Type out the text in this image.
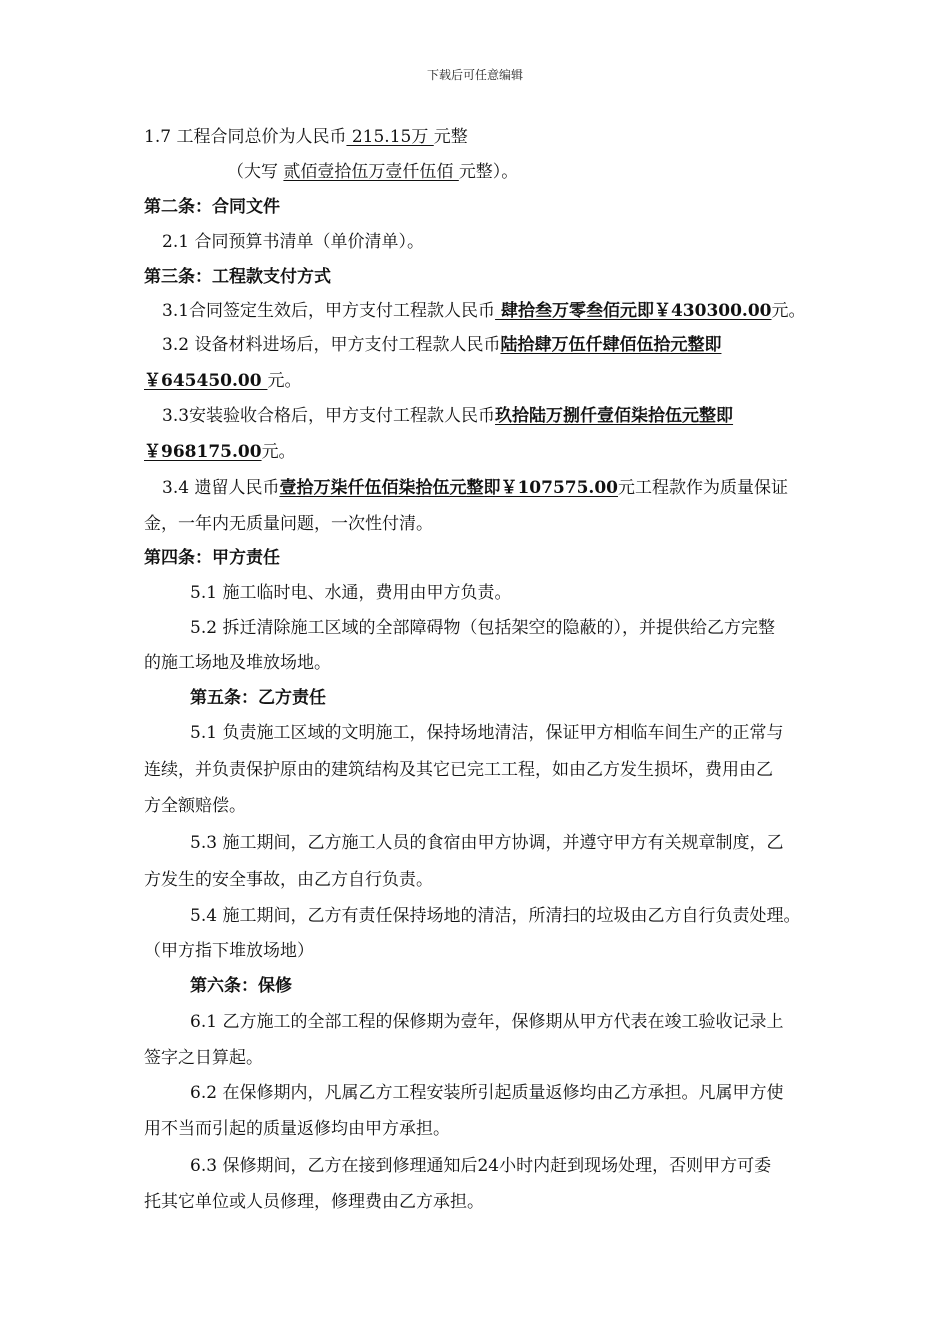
下载后可任意编辑
1.7 工程合同总价为人民币 215.15万 元整
（大写 贰佰壹拾伍万壹仟伍佰 元整）。
第二条：合同文件
2.1 合同预算书清单（单价清单）。
第三条：工程款支付方式
3.1合同签定生效后，甲方支付工程款人民币 肆拾叁万零叁佰元即￥430300.00元。
3.2 设备材料进场后，甲方支付工程款人民币陆拾肆万伍仟肆佰伍拾元整即
￥645450.00 元。
3.3安装验收合格后，甲方支付工程款人民币玖拾陆万捌仟壹佰柒拾伍元整即
￥968175.00元。
3.4 遗留人民币壹拾万柒仟伍佰柒拾伍元整即￥107575.00元工程款作为质量保证
金，一年内无质量问题，一次性付清。
第四条：甲方责任
5.1 施工临时电、水通，费用由甲方负责。
5.2 拆迁清除施工区域的全部障碍物（包括架空的隐蔽的），并提供给乙方完整
的施工场地及堆放场地。
第五条：乙方责任
5.1 负责施工区域的文明施工，保持场地清洁，保证甲方相临车间生产的正常与
连续，并负责保护原由的建筑结构及其它已完工工程，如由乙方发生损坏，费用由乙
方全额赔偿。
5.3 施工期间，乙方施工人员的食宿由甲方协调，并遵守甲方有关规章制度，乙
方发生的安全事故，由乙方自行负责。
5.4 施工期间，乙方有责任保持场地的清洁，所清扫的垃圾由乙方自行负责处理。
（甲方指下堆放场地）
第六条：保修
6.1 乙方施工的全部工程的保修期为壹年，保修期从甲方代表在竣工验收记录上
签字之日算起。
6.2 在保修期内，凡属乙方工程安装所引起质量返修均由乙方承担。凡属甲方使
用不当而引起的质量返修均由甲方承担。
6.3 保修期间，乙方在接到修理通知后24小时内赶到现场处理，否则甲方可委
托其它单位或人员修理，修理费由乙方承担。
